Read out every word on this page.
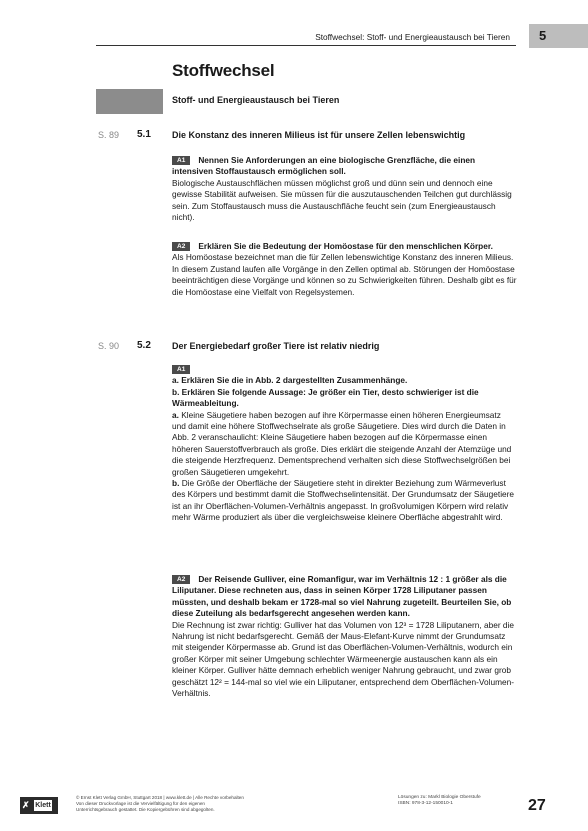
Stoffwechsel: Stoff- und Energieaustausch bei Tieren	5
Stoffwechsel
Stoff- und Energieaustausch bei Tieren
S. 89 5.1 Die Konstanz des inneren Milieus ist für unsere Zellen lebenswichtig

A1 Nennen Sie Anforderungen an eine biologische Grenzfläche, die einen intensiven Stoffaustausch ermöglichen soll.

Biologische Austauschflächen müssen möglichst groß und dünn sein und dennoch eine gewisse Stabilität aufweisen. Sie müssen für die auszutauschenden Teilchen gut durchlässig sein. Zum Stoffaustausch muss die Austauschfläche feucht sein (zum Energieaustausch nicht).

A2 Erklären Sie die Bedeutung der Homöostase für den menschlichen Körper.

Als Homöostase bezeichnet man die für Zellen lebenswichtige Konstanz des inneren Milieus. In diesem Zustand laufen alle Vorgänge in den Zellen optimal ab. Störungen der Homöostase beeinträchtigen diese Vorgänge und können so zu Schwierigkeiten führen. Deshalb gibt es für die Homöostase eine Vielfalt von Regelsystemen.

S. 90 5.2 Der Energiebedarf großer Tiere ist relativ niedrig

A1

a. Erklären Sie die in Abb. 2 dargestellten Zusammenhänge.

b. Erklären Sie folgende Aussage: Je größer ein Tier, desto schwieriger ist die Wärmeableitung.

a. Kleine Säugetiere haben bezogen auf ihre Körpermasse einen höheren Energieumsatz und damit eine höhere Stoffwechselrate als große Säugetiere. Dies wird durch die Daten in Abb. 2 veranschaulicht: Kleine Säugetiere haben bezogen auf die Körpermasse einen höheren Sauerstoffverbrauch als große. Dies erklärt die steigende Anzahl der Atemzüge und die steigende Herzfrequenz. Dementsprechend verhalten sich diese Stoffwechselgrößen bei großen Säugetieren umgekehrt.

b. Die Größe der Oberfläche der Säugetiere steht in direkter Beziehung zum Wärmeverlust des Körpers und bestimmt damit die Stoffwechselintensität. Der Grundumsatz der Säugetiere ist an ihr Oberflächen-Volumen-Verhältnis angepasst. In großvolumigen Körpern wird relativ mehr Wärme produziert als über die vergleichsweise kleinere Oberfläche abgestrahlt wird.

A2 Der Reisende Gulliver, eine Romanfigur, war im Verhältnis 12 : 1 größer als die Liliputaner. Diese rechneten aus, dass in seinen Körper 1728 Liliputaner passen müssten, und deshalb bekam er 1728-mal so viel Nahrung zugeteilt. Beurteilen Sie, ob diese Zuteilung als bedarfsgerecht angesehen werden kann.

Die Rechnung ist zwar richtig: Gulliver hat das Volumen von 12³ = 1728 Liliputanern, aber die Nahrung ist nicht bedarfsgerecht. Gemäß der Maus-Elefant-Kurve nimmt der Grundumsatz mit steigender Körpermasse ab. Grund ist das Oberflächen-Volumen-Verhältnis, wodurch ein großer Körper mit seiner Umgebung schlechter Wärmeenergie austauschen kann als ein kleiner Körper. Gulliver hätte demnach erheblich weniger Nahrung gebraucht, und zwar grob geschätzt 12² = 144-mal so viel wie ein Liliputaner, entsprechend dem Oberflächen-Volumen-Verhältnis.

✗ Klett
© Ernst Klett Verlag GmbH, Stuttgart 2018 | www.klett.de | Alle Rechte vorbehalten
Von dieser Druckvorlage ist die Vervielfältigung für den eigenen
Unterrichtsgebrauch gestattet. Die Kopiergebühren sind abgegolten.
Lösungen zu: Markl Biologie Oberstufe
ISBN: 978-3-12-150010-1	27
